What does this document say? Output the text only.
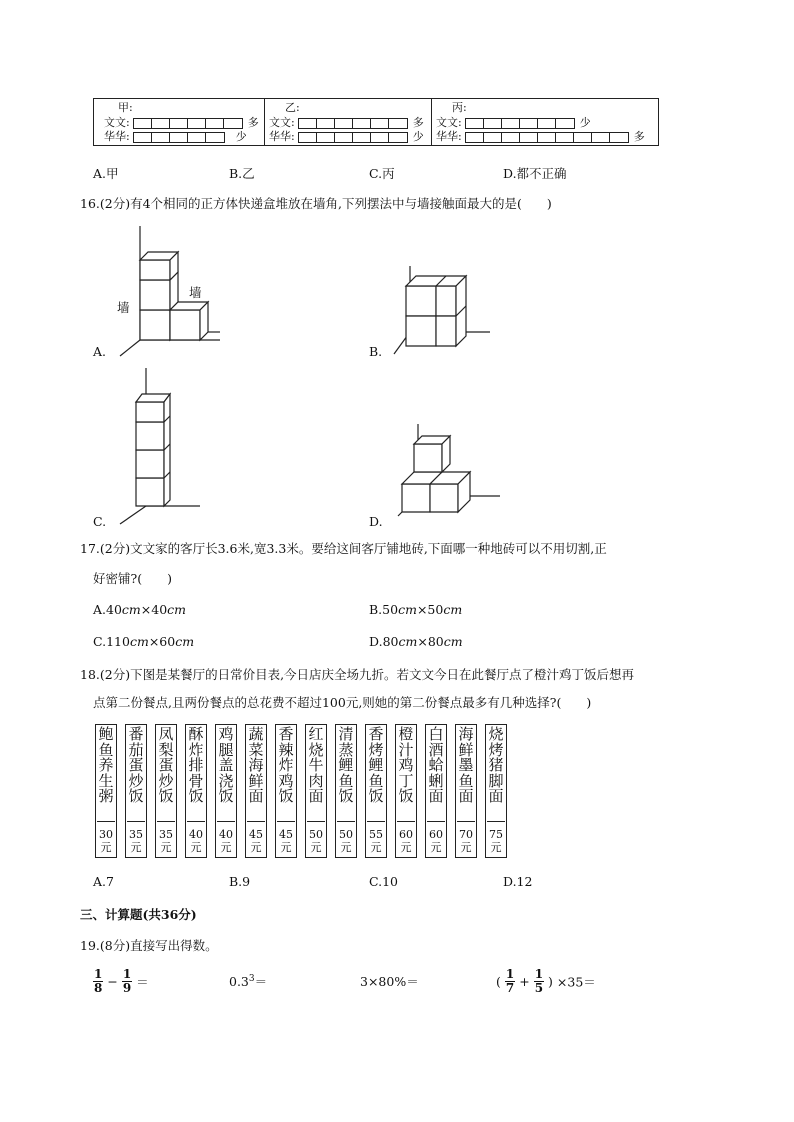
甲:
文文:	多
华华:	少
乙:
文文:	多
华华:	少
丙:
文文:	少
华华:	多
A.甲	B.乙	C.丙	D.都不正确
16.(2分)有4个相同的正方体快递盒堆放在墙角,下列摆法中与墙接触面最大的是(　　)
墙
墙
A.	B.
C.	D.
17.(2分)文文家的客厅长3.6米,宽3.3米。要给这间客厅铺地砖,下面哪一种地砖可以不用切割,正
好密铺?(　　)
A.40cm×40cm	B.50cm×50cm
C.110cm×60cm	D.80cm×80cm
18.(2分)下图是某餐厅的日常价目表,今日店庆全场九折。若文文今日在此餐厅点了橙汁鸡丁饭后想再
点第二份餐点,且两份餐点的总花费不超过100元,则她的第二份餐点最多有几种选择?(　　)
鲍
鱼
养
生
粥
30
元
番
茄
蛋
炒
饭
35
元
凤
梨
蛋
炒
饭
35
元
酥
炸
排
骨
饭
40
元
鸡
腿
盖
浇
饭
40
元
蔬
菜
海
鲜
面
45
元
香
辣
炸
鸡
饭
45
元
红
烧
牛
肉
面
50
元
清
蒸
鲤
鱼
饭
50
元
香
烤
鲤
鱼
饭
55
元
橙
汁
鸡
丁
饭
60
元
白
酒
蛤
蜊
面
60
元
海
鲜
墨
鱼
面
70
元
烧
烤
猪
脚
面
75
元
A.7	B.9	C.10	D.12
三、计算题(共36分)
19.(8分)直接写出得数。
$\frac{1}{8} - \frac{1}{9}$ ＝	$0.3^3=$	3×80%＝	( $\frac{1}{7} + \frac{1}{5}$ ) ×35＝
